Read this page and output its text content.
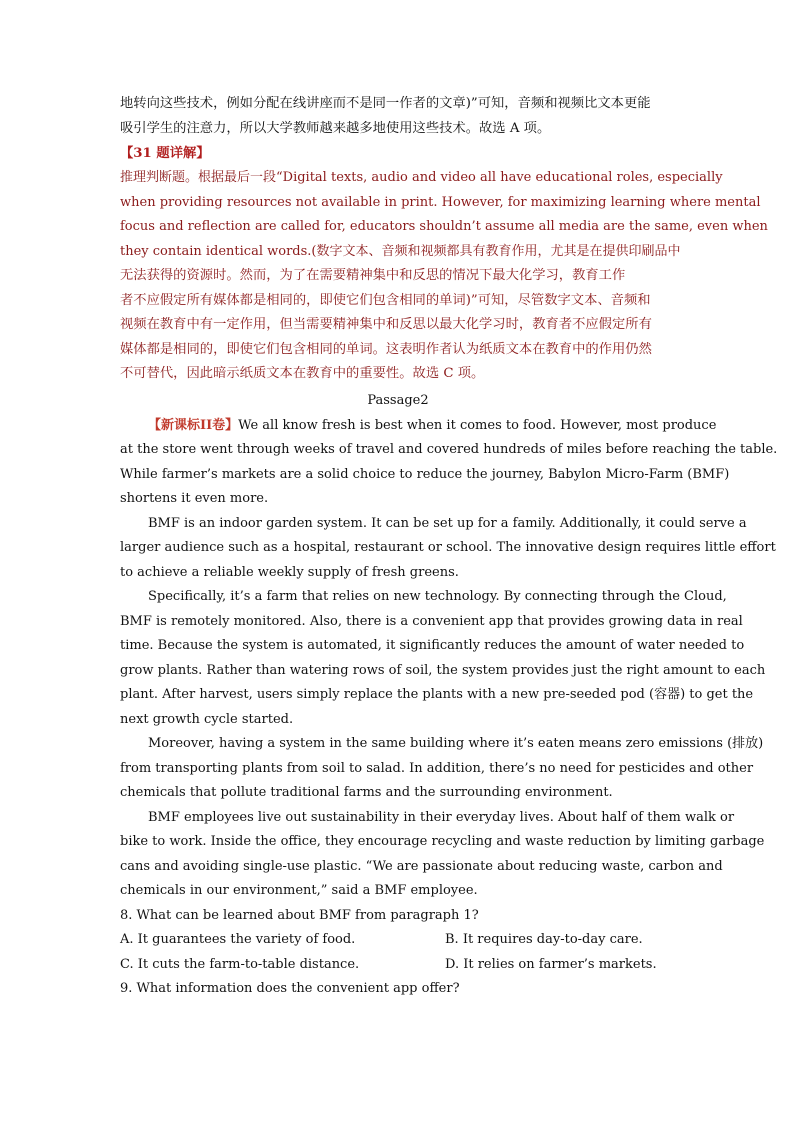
地转向这些技术，例如分配在线讲座而不是同一作者的文章)”可知，音频和视频比文本更能
吸引学生的注意力，所以大学教师越来越多地使用这些技术。故选 A 项。
【31 题详解】
推理判断题。根据最后一段“Digital texts, audio and video all have educational roles, especially
when providing resources not available in print. However, for maximizing learning where mental
focus and reflection are called for, educators shouldn’t assume all media are the same, even when
they contain identical words.(数字文本、音频和视频都具有教育作用，尤其是在提供印刷品中
无法获得的资源时。然而，为了在需要精神集中和反思的情况下最大化学习，教育工作
者不应假定所有媒体都是相同的，即使它们包含相同的单词)”可知，尽管数字文本、音频和
视频在教育中有一定作用，但当需要精神集中和反思以最大化学习时，教育者不应假定所有
媒体都是相同的，即使它们包含相同的单词。这表明作者认为纸质文本在教育中的作用仍然
不可替代，因此暗示纸质文本在教育中的重要性。故选 C 项。
Passage2
【新课标ⅠⅠ卷】We all know fresh is best when it comes to food. However, most produce
at the store went through weeks of travel and covered hundreds of miles before reaching the table.
While farmer’s markets are a solid choice to reduce the journey, Babylon Micro-Farm (BMF)
shortens it even more.
BMF is an indoor garden system. It can be set up for a family. Additionally, it could serve a
larger audience such as a hospital, restaurant or school. The innovative design requires little effort
to achieve a reliable weekly supply of fresh greens.
Specifically, it’s a farm that relies on new technology. By connecting through the Cloud,
BMF is remotely monitored. Also, there is a convenient app that provides growing data in real
time. Because the system is automated, it significantly reduces the amount of water needed to
grow plants. Rather than watering rows of soil, the system provides just the right amount to each
plant. After harvest, users simply replace the plants with a new pre-seeded pod (容器) to get the
next growth cycle started.
Moreover, having a system in the same building where it’s eaten means zero emissions (排放)
from transporting plants from soil to salad. In addition, there’s no need for pesticides and other
chemicals that pollute traditional farms and the surrounding environment.
BMF employees live out sustainability in their everyday lives. About half of them walk or
bike to work. Inside the office, they encourage recycling and waste reduction by limiting garbage
cans and avoiding single-use plastic. “We are passionate about reducing waste, carbon and
chemicals in our environment,” said a BMF employee.
8. What can be learned about BMF from paragraph 1?
A. It guarantees the variety of food.	B. It requires day-to-day care.
C. It cuts the farm-to-table distance.	D. It relies on farmer’s markets.
9. What information does the convenient app offer?
